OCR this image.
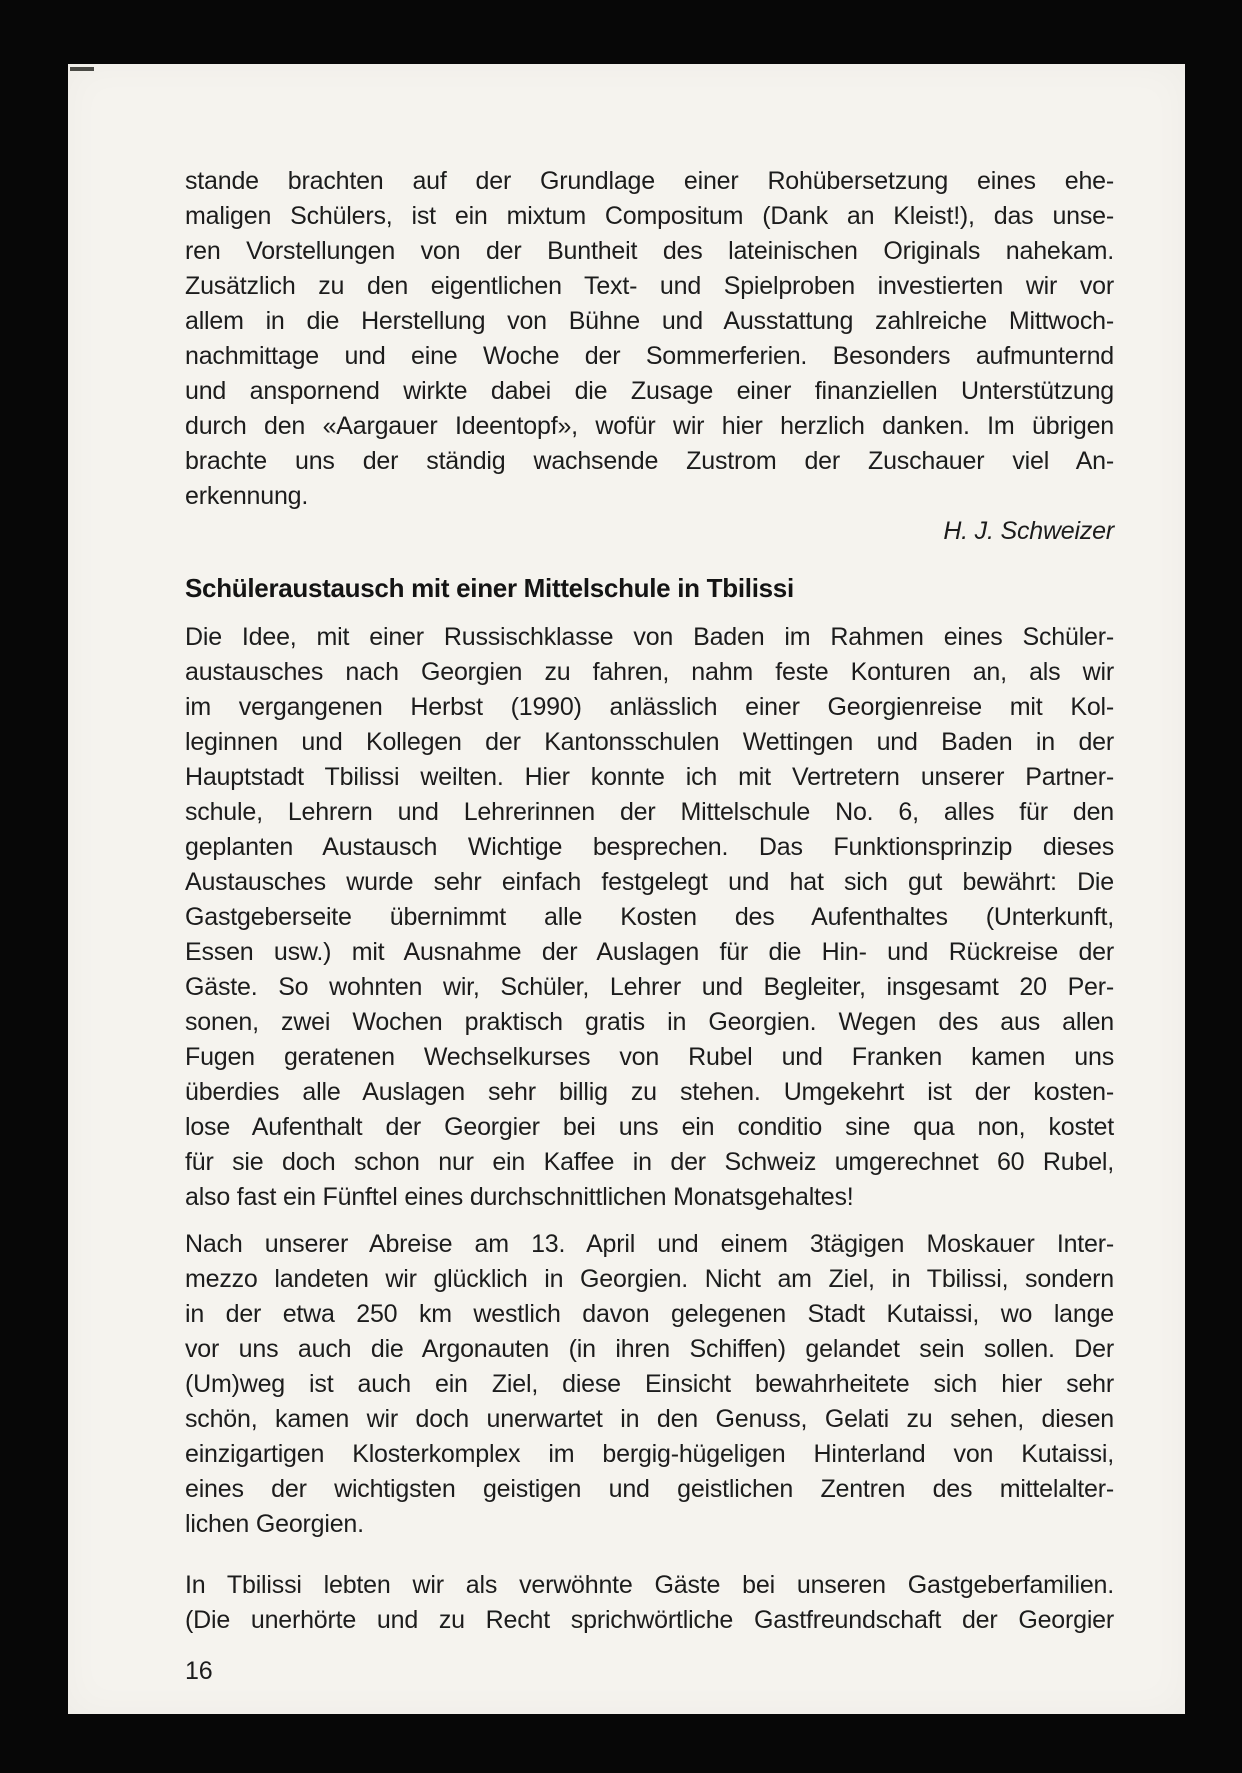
stande brachten auf der Grundlage einer Rohübersetzung eines ehe-
maligen Schülers, ist ein mixtum Compositum (Dank an Kleist!), das unse-
ren Vorstellungen von der Buntheit des lateinischen Originals nahekam.
Zusätzlich zu den eigentlichen Text- und Spielproben investierten wir vor
allem in die Herstellung von Bühne und Ausstattung zahlreiche Mittwoch-
nachmittage und eine Woche der Sommerferien. Besonders aufmunternd
und anspornend wirkte dabei die Zusage einer finanziellen Unterstützung
durch den «Aargauer Ideentopf», wofür wir hier herzlich danken. Im übrigen
brachte uns der ständig wachsende Zustrom der Zuschauer viel An-
erkennung.
H. J. Schweizer
Schüleraustausch mit einer Mittelschule in Tbilissi
Die Idee, mit einer Russischklasse von Baden im Rahmen eines Schüler-
austausches nach Georgien zu fahren, nahm feste Konturen an, als wir
im vergangenen Herbst (1990) anlässlich einer Georgienreise mit Kol-
leginnen und Kollegen der Kantonsschulen Wettingen und Baden in der
Hauptstadt Tbilissi weilten. Hier konnte ich mit Vertretern unserer Partner-
schule, Lehrern und Lehrerinnen der Mittelschule No. 6, alles für den
geplanten Austausch Wichtige besprechen. Das Funktionsprinzip dieses
Austausches wurde sehr einfach festgelegt und hat sich gut bewährt: Die
Gastgeberseite übernimmt alle Kosten des Aufenthaltes (Unterkunft,
Essen usw.) mit Ausnahme der Auslagen für die Hin- und Rückreise der
Gäste. So wohnten wir, Schüler, Lehrer und Begleiter, insgesamt 20 Per-
sonen, zwei Wochen praktisch gratis in Georgien. Wegen des aus allen
Fugen geratenen Wechselkurses von Rubel und Franken kamen uns
überdies alle Auslagen sehr billig zu stehen. Umgekehrt ist der kosten-
lose Aufenthalt der Georgier bei uns ein conditio sine qua non, kostet
für sie doch schon nur ein Kaffee in der Schweiz umgerechnet 60 Rubel,
also fast ein Fünftel eines durchschnittlichen Monatsgehaltes!
Nach unserer Abreise am 13. April und einem 3tägigen Moskauer Inter-
mezzo landeten wir glücklich in Georgien. Nicht am Ziel, in Tbilissi, sondern
in der etwa 250 km westlich davon gelegenen Stadt Kutaissi, wo lange
vor uns auch die Argonauten (in ihren Schiffen) gelandet sein sollen. Der
(Um)weg ist auch ein Ziel, diese Einsicht bewahrheitete sich hier sehr
schön, kamen wir doch unerwartet in den Genuss, Gelati zu sehen, diesen
einzigartigen Klosterkomplex im bergig-hügeligen Hinterland von Kutaissi,
eines der wichtigsten geistigen und geistlichen Zentren des mittelalter-
lichen Georgien.
In Tbilissi lebten wir als verwöhnte Gäste bei unseren Gastgeberfamilien.
(Die unerhörte und zu Recht sprichwörtliche Gastfreundschaft der Georgier
16
